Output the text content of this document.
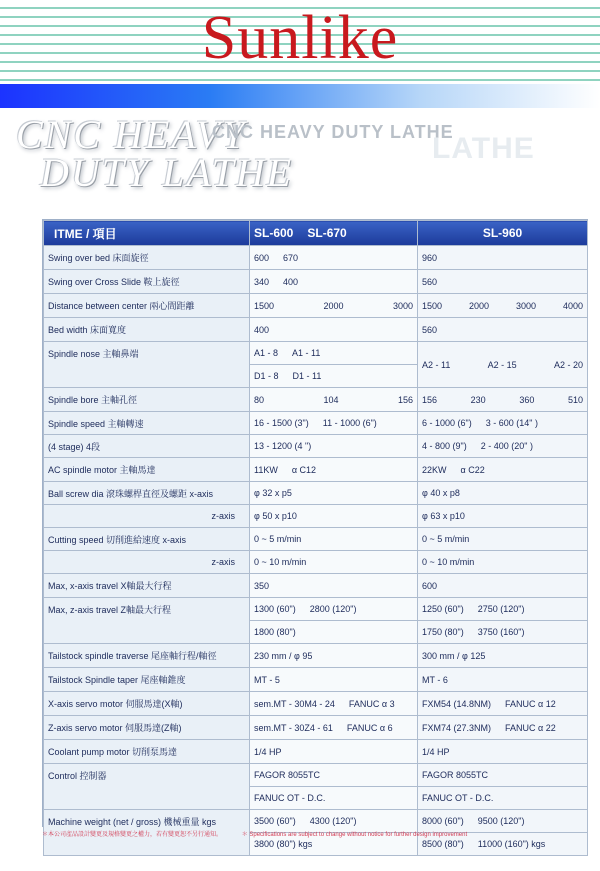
Sunlike
CNC HEAVY
DUTY LATHE
CNC HEAVY DUTY LATHE
LATHE
ITME / 項目	SL-600 SL-670	SL-960
Swing over bed 床面旋徑	600 670	960

Swing over Cross Slide 鞍上旋徑	340 400	560

Distance between center 兩心間距離	1500 2000 3000	1500 2000 3000 4000

Bed width 床面寬度	400	560

Spindle nose 主軸鼻端	A1 - 8 A1 - 11	A2 - 11 A2 - 15 A2 - 20

	D1 - 8 D1 - 11	

Spindle bore 主軸孔徑	80 104 156	156 230 360 510

Spindle speed 主軸轉速	16 - 1500 (3") 11 - 1000 (6")	6 - 1000 (6") 3 - 600 (14" )

(4 stage) 4段	13 - 1200 (4 ")	4 - 800 (9") 2 - 400 (20" )

AC spindle motor 主軸馬達	11KW α C12	22KW α C22

Ball screw dia 滾珠螺桿直徑及螺距 x-axis	φ 32 x p5	φ 40 x p8

z-axis	φ 50 x p10	φ 63 x p10

Cutting speed 切削進給速度 x-axis	0 ~ 5 m/min	0 ~ 5 m/min

z-axis	0 ~ 10 m/min	0 ~ 10 m/min

Max, x-axis travel X軸最大行程	350	600

Max, z-axis travel Z軸最大行程	1300 (60") 2800 (120")	1250 (60") 2750 (120")

	1800 (80")	1750 (80") 3750 (160")

Tailstock spindle traverse 尾座軸行程/軸徑	230 mm / φ 95	300 mm / φ 125

Tailstock Spindle taper 尾座軸錐度	MT - 5	MT - 6

X-axis servo motor 伺服馬達(X軸)	sem.MT - 30M4 - 24 FANUC α 3	FXM54 (14.8NM) FANUC α 12

Z-axis servo motor 伺服馬達(Z軸)	sem.MT - 30Z4 - 61 FANUC α 6	FXM74 (27.3NM) FANUC α 22

Coolant pump motor 切削泵馬達	1/4 HP	1/4 HP

Control 控制器	FAGOR 8055TC	FAGOR 8055TC

	FANUC OT - D.C.	FANUC OT - D.C.

Machine weight (net / gross) 機械重量 kgs	3500 (60") 4300 (120")	8000 (60") 9500 (120")

	3800 (80") kgs	8500 (80") 11000 (160") kgs
＊本公司產品設計變更及規格變更之權力，若有變更恕不另行通知。	＊ Specifications are subject to change without notice for further design improvement
